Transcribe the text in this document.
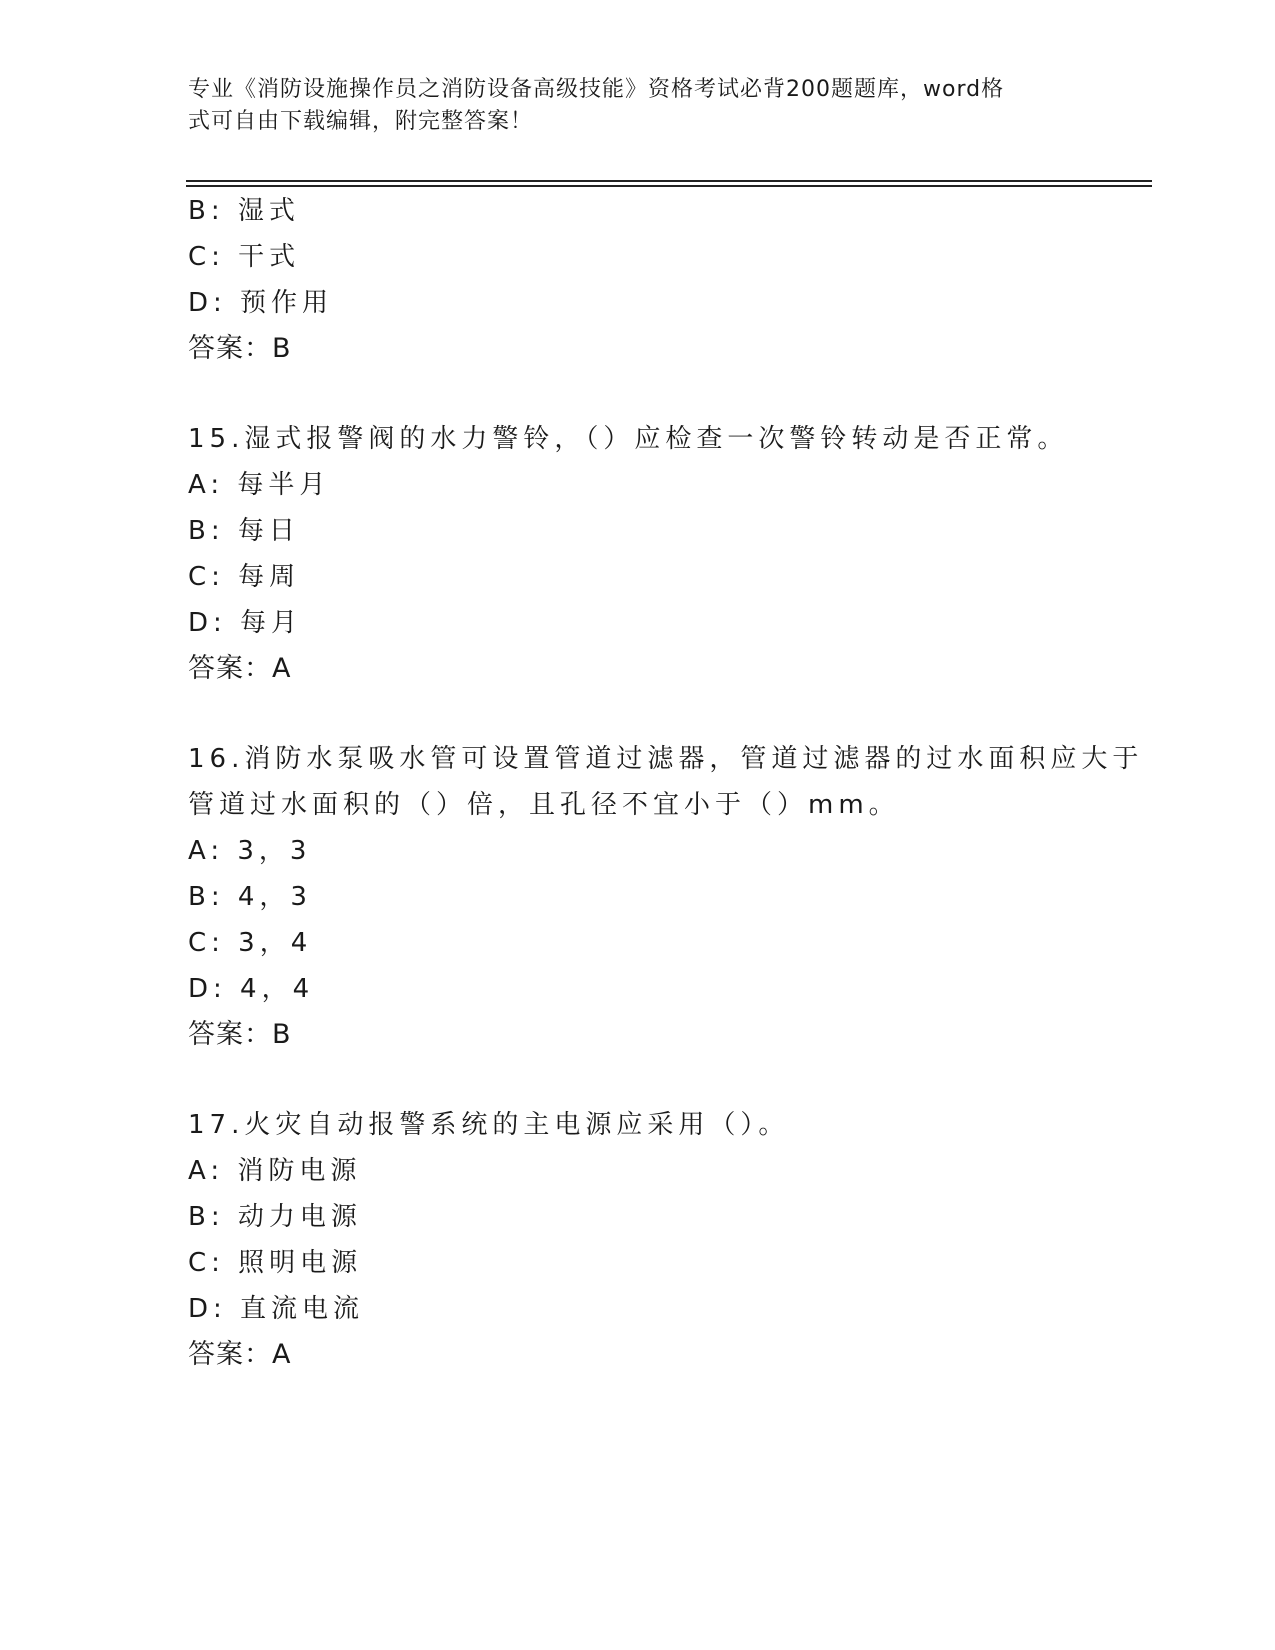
专业《消防设施操作员之消防设备高级技能》资格考试必背200题题库，word格
式可自由下载编辑，附完整答案！
B: 湿式
C: 干式
D: 预作用
答案：B
15.湿式报警阀的水力警铃，（）应检查一次警铃转动是否正常。
A: 每半月
B: 每日
C: 每周
D: 每月
答案：A
16.消防水泵吸水管可设置管道过滤器，管道过滤器的过水面积应大于
管道过水面积的（）倍，且孔径不宜小于（）mm。
A: 3，3
B: 4，3
C: 3，4
D: 4，4
答案：B
17.火灾自动报警系统的主电源应采用（）。
A: 消防电源
B: 动力电源
C: 照明电源
D: 直流电流
答案：A
